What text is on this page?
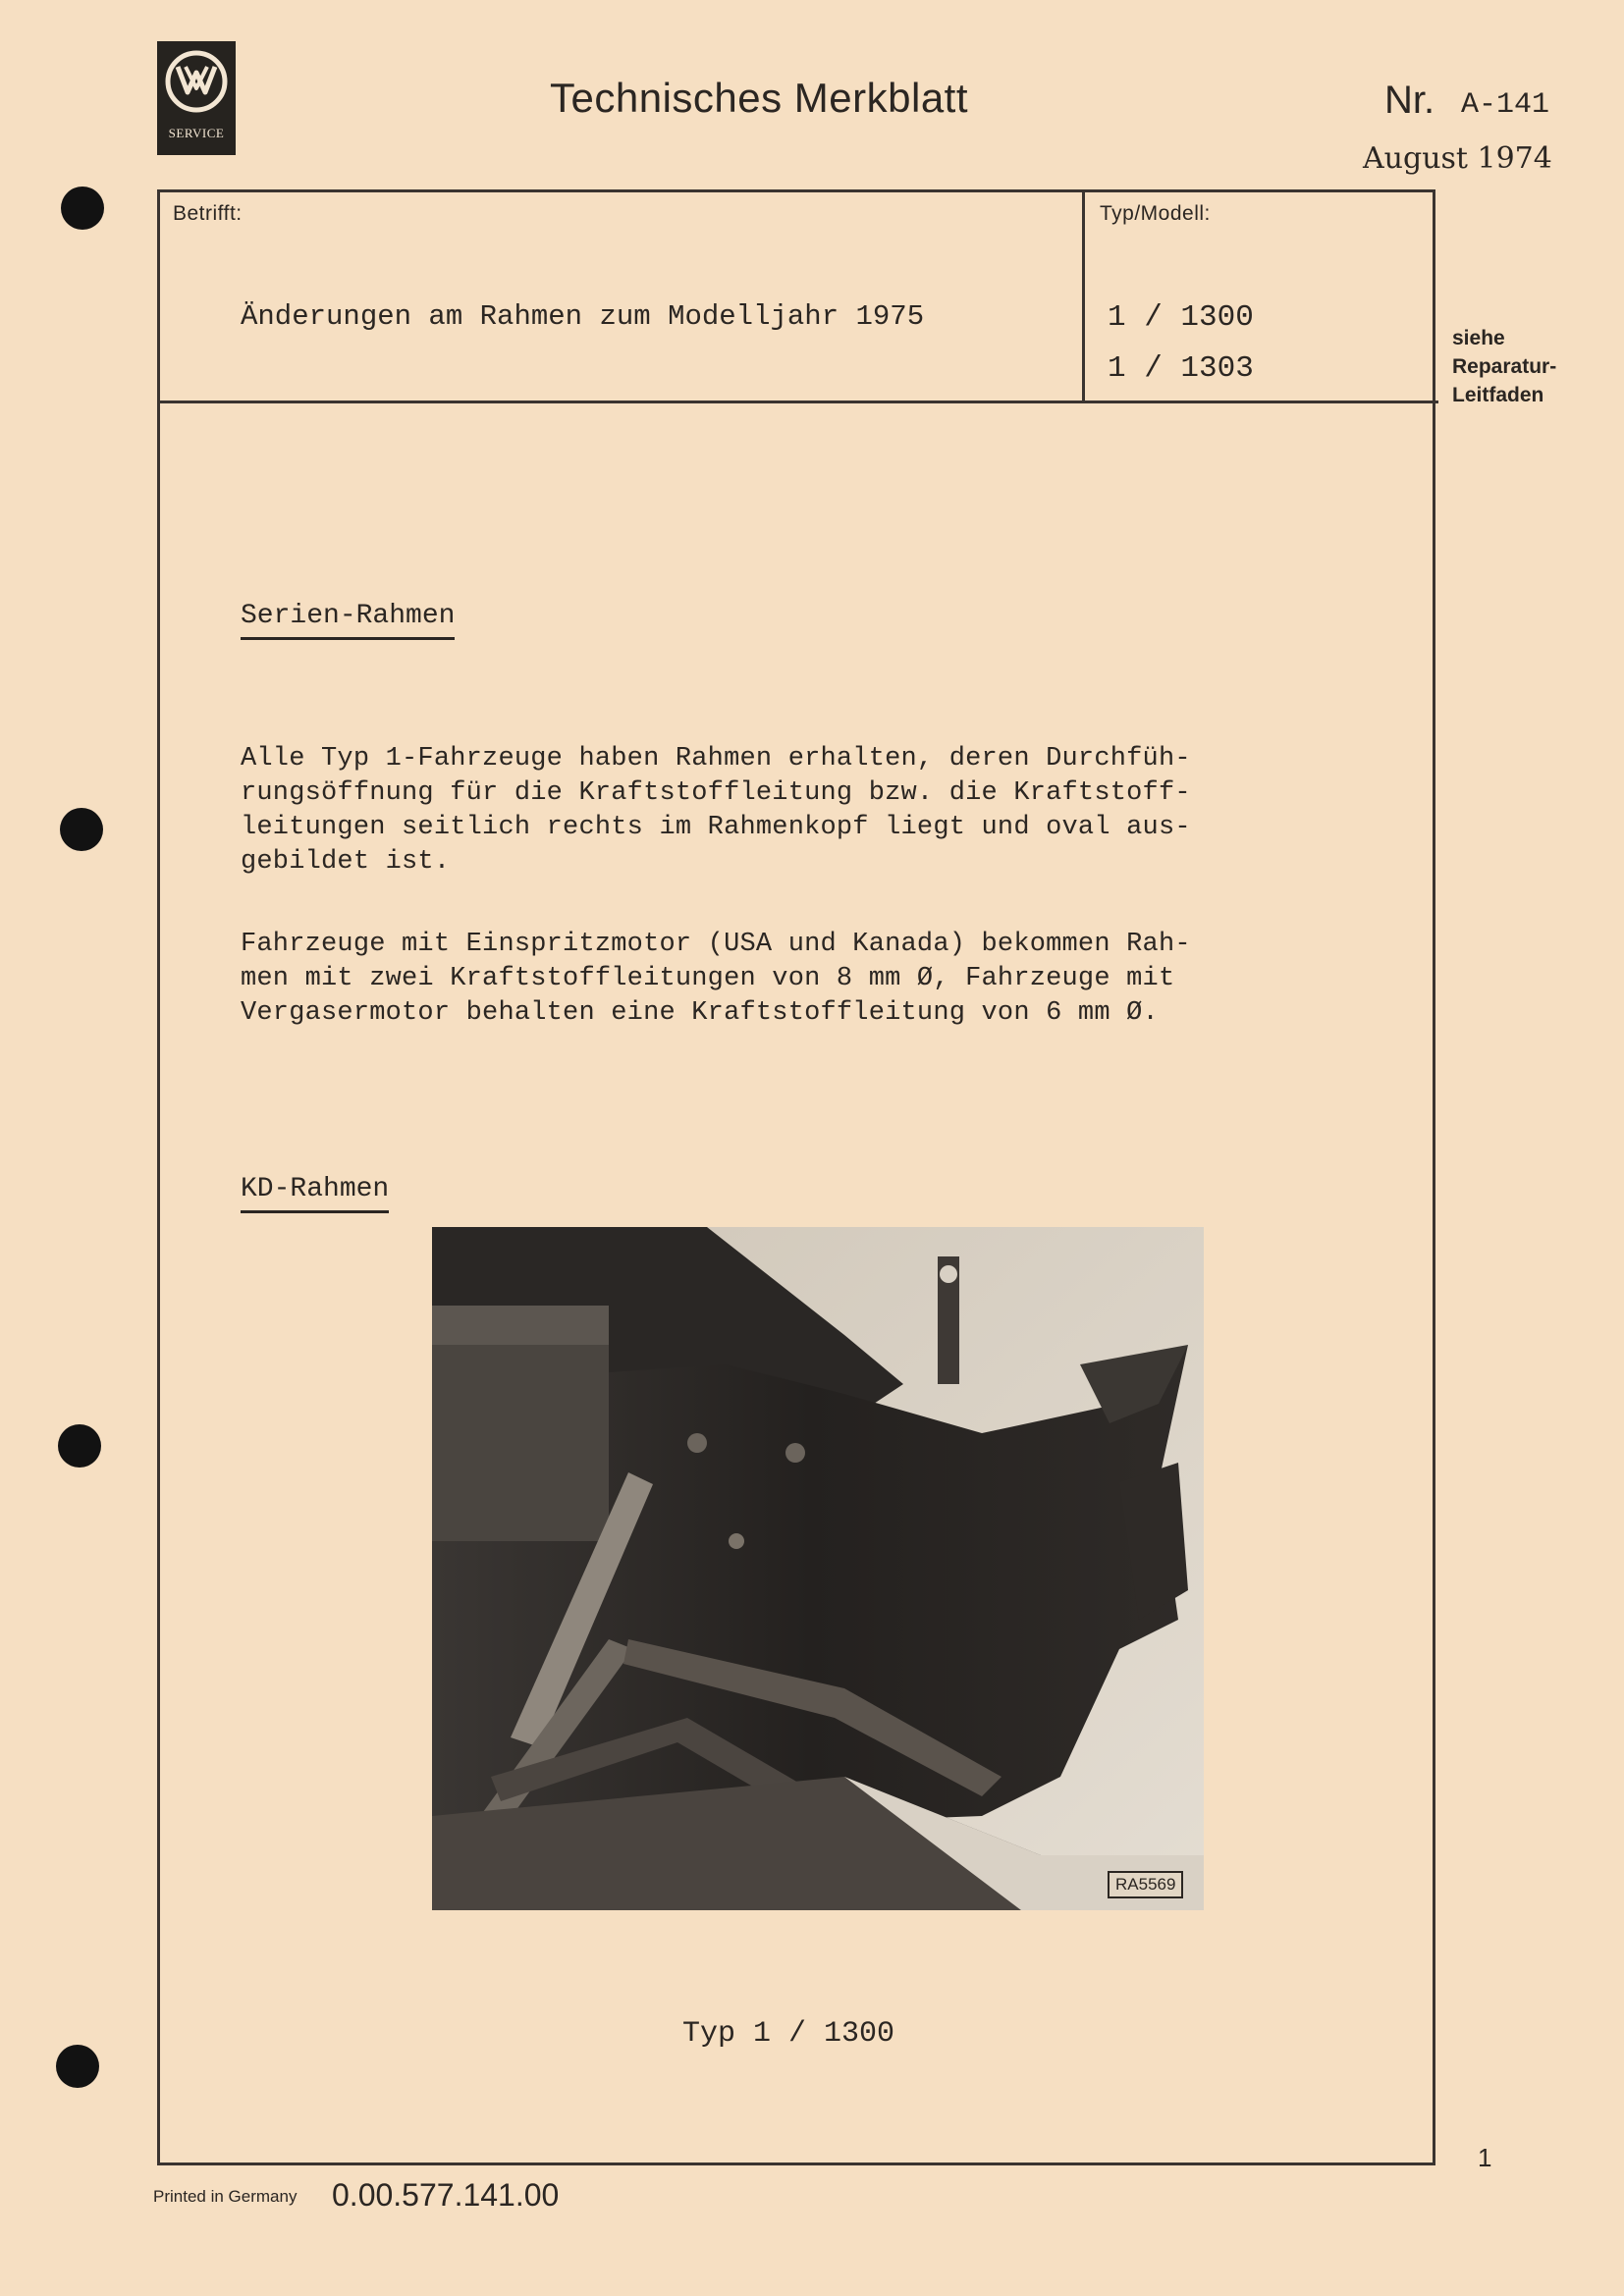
SERVICE
Technisches Merkblatt	Nr. A-141
August 1974
Betrifft:
Änderungen am Rahmen zum Modelljahr 1975
Typ/Modell:
1 / 1300
1 / 1303
siehe
Reparatur-
Leitfaden
Serien-Rahmen
Alle Typ 1-Fahrzeuge haben Rahmen erhalten, deren Durchfüh-
rungsöffnung für die Kraftstoffleitung bzw. die Kraftstoff-
leitungen seitlich rechts im Rahmenkopf liegt und oval aus-
gebildet ist.
Fahrzeuge mit Einspritzmotor (USA und Kanada) bekommen Rah-
men mit zwei Kraftstoffleitungen von 8 mm Ø, Fahrzeuge mit
Vergasermotor behalten eine Kraftstoffleitung von 6 mm Ø.
KD-Rahmen
RA5569
Typ 1 / 1300
1
Printed in Germany 0.00.577.141.00
